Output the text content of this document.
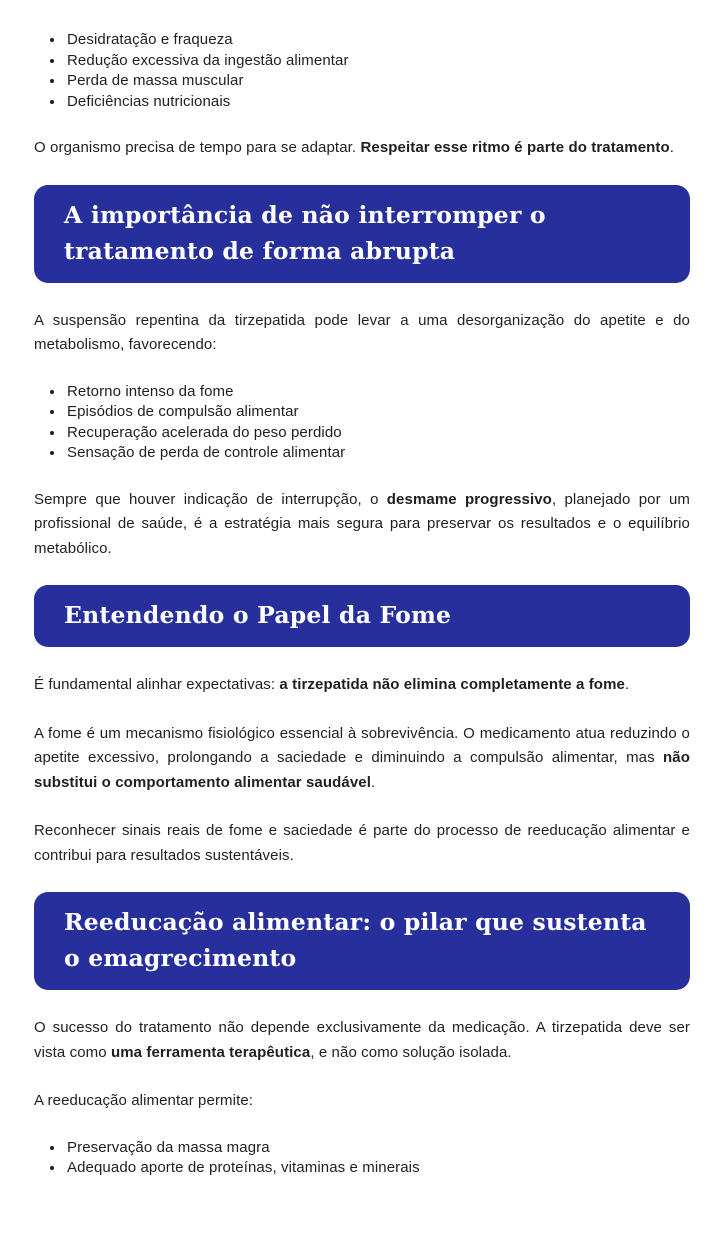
• Desidratação e fraqueza
• Redução excessiva da ingestão alimentar
• Perda de massa muscular
• Deficiências nutricionais

O organismo precisa de tempo para se adaptar. Respeitar esse ritmo é parte do tratamento.

A importância de não interromper o tratamento de forma abrupta

A suspensão repentina da tirzepatida pode levar a uma desorganização do apetite e do metabolismo, favorecendo:

• Retorno intenso da fome
• Episódios de compulsão alimentar
• Recuperação acelerada do peso perdido
• Sensação de perda de controle alimentar

Sempre que houver indicação de interrupção, o desmame progressivo, planejado por um profissional de saúde, é a estratégia mais segura para preservar os resultados e o equilíbrio metabólico.

Entendendo o Papel da Fome

É fundamental alinhar expectativas: a tirzepatida não elimina completamente a fome.

A fome é um mecanismo fisiológico essencial à sobrevivência. O medicamento atua reduzindo o apetite excessivo, prolongando a saciedade e diminuindo a compulsão alimentar, mas não substitui o comportamento alimentar saudável.

Reconhecer sinais reais de fome e saciedade é parte do processo de reeducação alimentar e contribui para resultados sustentáveis.

Reeducação alimentar: o pilar que sustenta o emagrecimento

O sucesso do tratamento não depende exclusivamente da medicação. A tirzepatida deve ser vista como uma ferramenta terapêutica, e não como solução isolada.

A reeducação alimentar permite:

• Preservação da massa magra
• Adequado aporte de proteínas, vitaminas e minerais
